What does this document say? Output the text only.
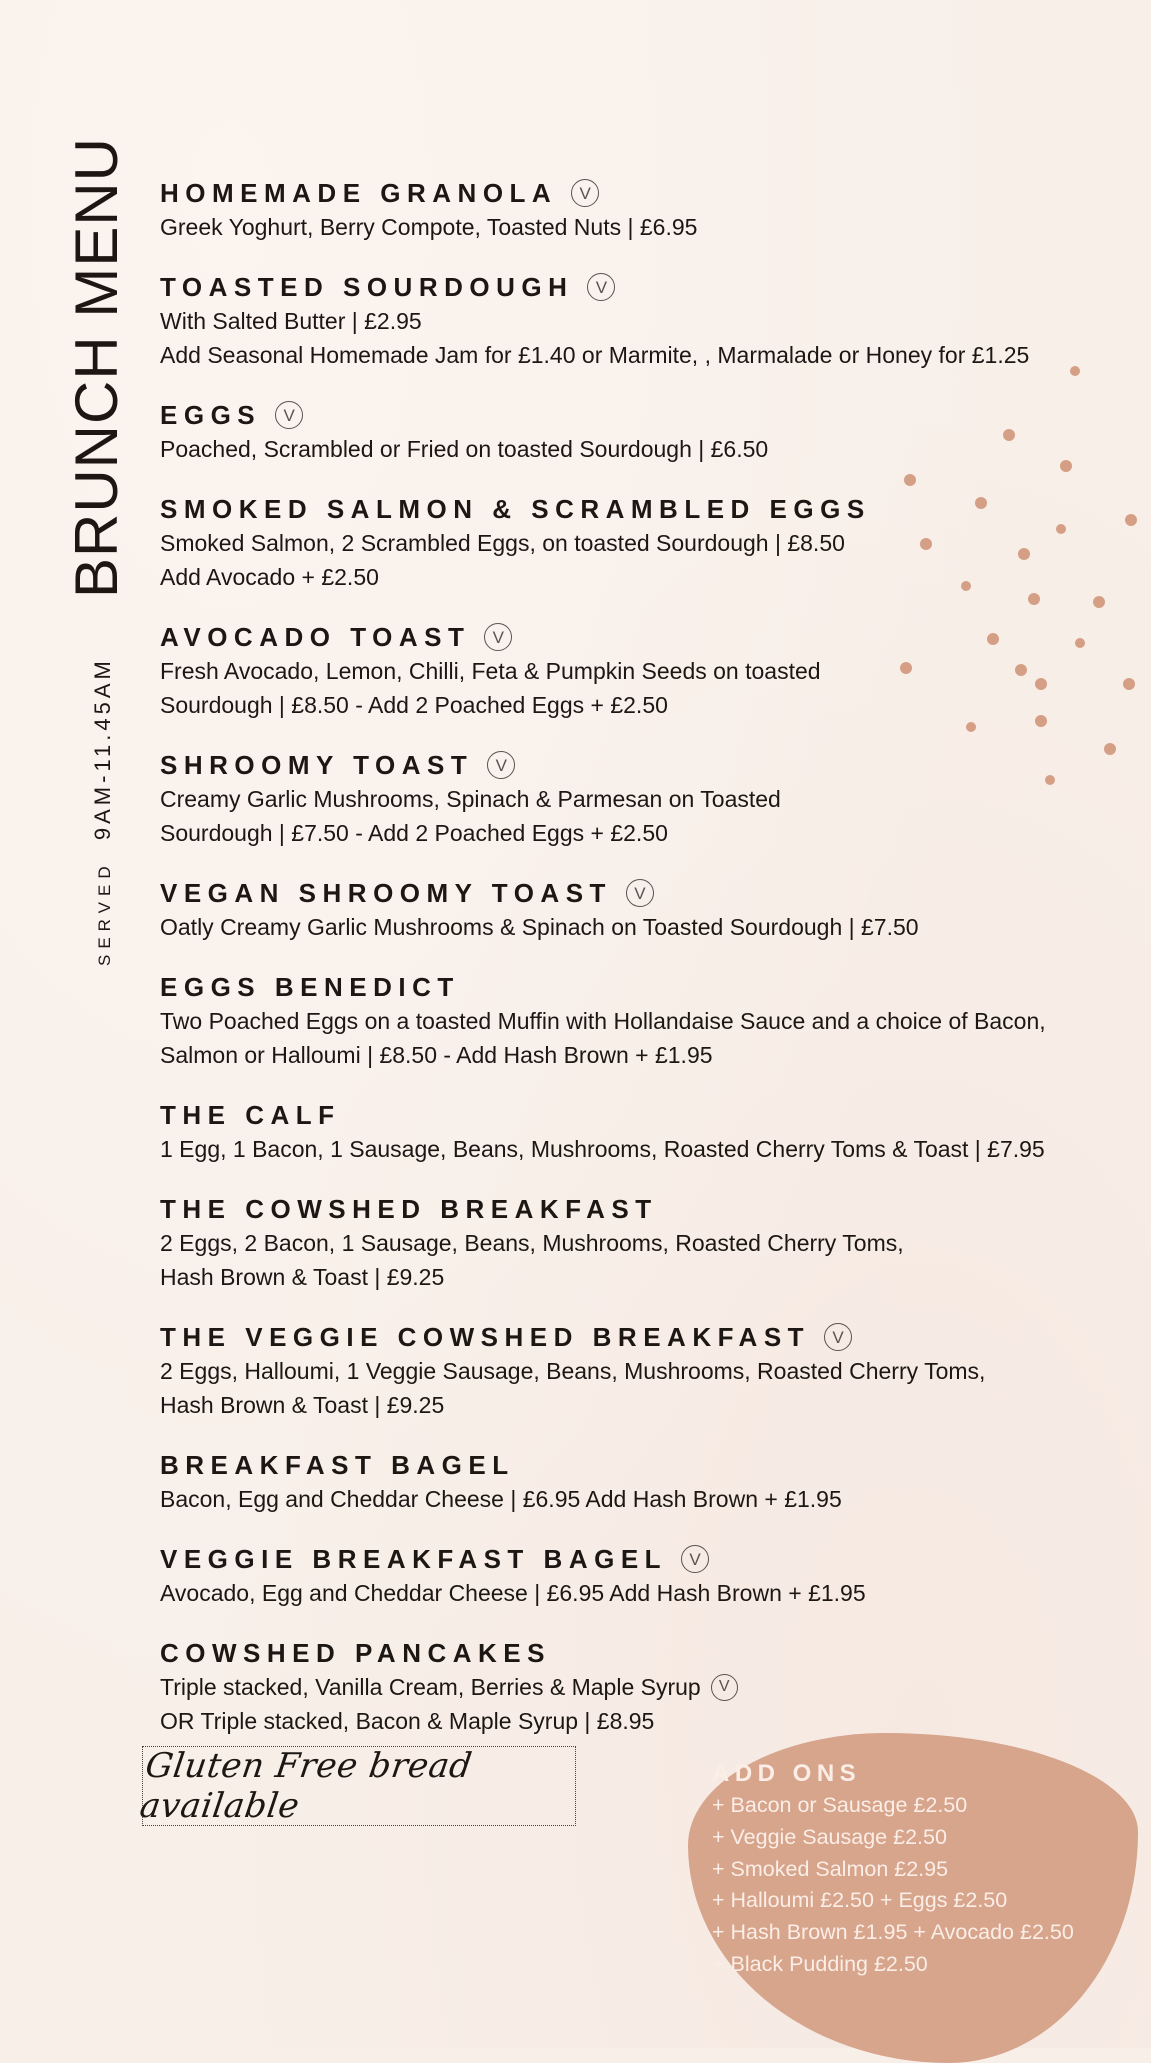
BRUNCH MENU
SERVED 9AM-11.45AM
HOMEMADE GRANOLA	V
Greek Yoghurt, Berry Compote, Toasted Nuts | £6.95
TOASTED SOURDOUGH	V
With Salted Butter | £2.95
Add Seasonal Homemade Jam for £1.40 or Marmite, , Marmalade or Honey for £1.25
EGGS	V
Poached, Scrambled or Fried on toasted Sourdough | £6.50
SMOKED SALMON & SCRAMBLED EGGS
Smoked Salmon, 2 Scrambled Eggs, on toasted Sourdough | £8.50
Add Avocado + £2.50
AVOCADO TOAST	V
Fresh Avocado, Lemon, Chilli, Feta & Pumpkin Seeds on toasted
Sourdough | £8.50 - Add 2 Poached Eggs + £2.50
SHROOMY TOAST	V
Creamy Garlic Mushrooms, Spinach & Parmesan on Toasted
Sourdough | £7.50 - Add 2 Poached Eggs + £2.50
VEGAN SHROOMY TOAST	V
Oatly Creamy Garlic Mushrooms & Spinach on Toasted Sourdough | £7.50
EGGS BENEDICT
Two Poached Eggs on a toasted Muffin with Hollandaise Sauce and a choice of Bacon,
Salmon or Halloumi | £8.50 - Add Hash Brown + £1.95
THE CALF
1 Egg, 1 Bacon, 1 Sausage, Beans, Mushrooms, Roasted Cherry Toms & Toast | £7.95
THE COWSHED BREAKFAST
2 Eggs, 2 Bacon, 1 Sausage, Beans, Mushrooms, Roasted Cherry Toms,
Hash Brown & Toast | £9.25
THE VEGGIE COWSHED BREAKFAST	V
2 Eggs, Halloumi, 1 Veggie Sausage, Beans, Mushrooms, Roasted Cherry Toms,
Hash Brown & Toast | £9.25
BREAKFAST BAGEL
Bacon, Egg and Cheddar Cheese | £6.95 Add Hash Brown + £1.95
VEGGIE BREAKFAST BAGEL	V
Avocado, Egg and Cheddar Cheese | £6.95 Add Hash Brown + £1.95
COWSHED PANCAKES
Triple stacked, Vanilla Cream, Berries & Maple Syrup	V
OR Triple stacked, Bacon & Maple Syrup | £8.95
Gluten Free bread available
ADD ONS
+ Bacon or Sausage £2.50
+ Veggie Sausage £2.50
+ Smoked Salmon £2.95
+ Halloumi £2.50 + Eggs £2.50
+ Hash Brown £1.95 + Avocado £2.50
+ Black Pudding £2.50
